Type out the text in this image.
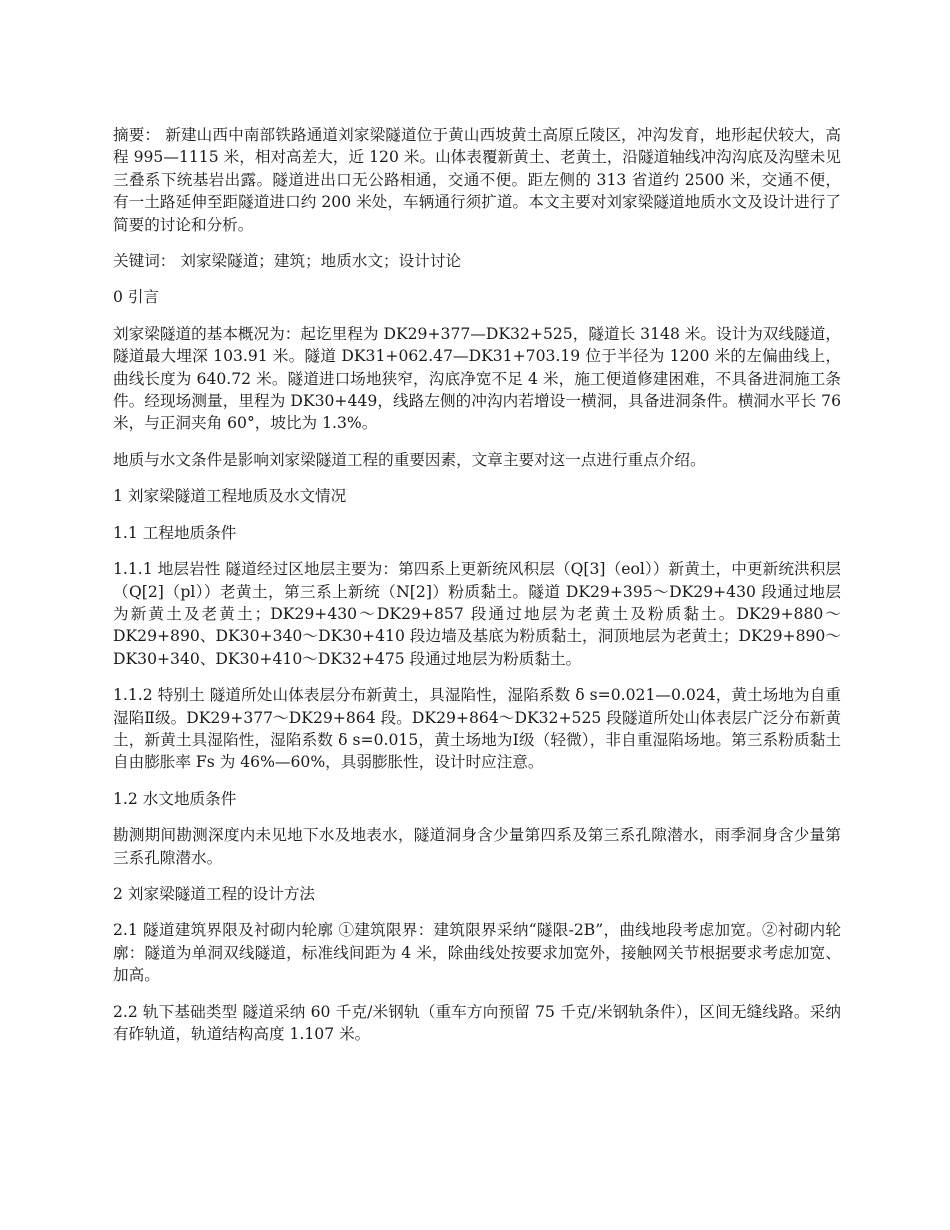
摘要： 新建山西中南部铁路通道刘家梁隧道位于黄山西坡黄土高原丘陵区，冲沟发育，地形起伏较大，高程 995—1115 米，相对高差大，近 120 米。山体表覆新黄土、老黄土，沿隧道轴线冲沟沟底及沟壁未见三叠系下统基岩出露。隧道进出口无公路相通，交通不便。距左侧的 313 省道约 2500 米，交通不便，有一土路延伸至距隧道进口约 200 米处，车辆通行须扩道。本文主要对刘家梁隧道地质水文及设计进行了简要的讨论和分析。

关键词： 刘家梁隧道；建筑；地质水文；设计讨论

0 引言

刘家梁隧道的基本概况为：起讫里程为 DK29+377—DK32+525，隧道长 3148 米。设计为双线隧道，隧道最大埋深 103.91 米。隧道 DK31+062.47—DK31+703.19 位于半径为 1200 米的左偏曲线上，曲线长度为 640.72 米。隧道进口场地狭窄，沟底净宽不足 4 米，施工便道修建困难，不具备进洞施工条件。经现场测量，里程为 DK30+449，线路左侧的冲沟内若增设一横洞，具备进洞条件。横洞水平长 76 米，与正洞夹角 60°，坡比为 1.3%。

地质与水文条件是影响刘家梁隧道工程的重要因素，文章主要对这一点进行重点介绍。

1 刘家梁隧道工程地质及水文情况

1.1 工程地质条件

1.1.1 地层岩性 隧道经过区地层主要为：第四系上更新统风积层（Q[3]（eol））新黄土，中更新统洪积层（Q[2]（pl））老黄土，第三系上新统（N[2]）粉质黏土。隧道 DK29+395～DK29+430 段通过地层为新黄土及老黄土；DK29+430～DK29+857 段通过地层为老黄土及粉质黏土。DK29+880～DK29+890、DK30+340～DK30+410 段边墙及基底为粉质黏土，洞顶地层为老黄土；DK29+890～DK30+340、DK30+410～DK32+475 段通过地层为粉质黏土。

1.1.2 特别土 隧道所处山体表层分布新黄土，具湿陷性，湿陷系数 δ s=0.021—0.024，黄土场地为自重湿陷Ⅱ级。DK29+377～DK29+864 段。DK29+864～DK32+525 段隧道所处山体表层广泛分布新黄土，新黄土具湿陷性，湿陷系数 δ s=0.015，黄土场地为Ⅰ级（轻微），非自重湿陷场地。第三系粉质黏土自由膨胀率 Fs 为 46%—60%，具弱膨胀性，设计时应注意。

1.2 水文地质条件

勘测期间勘测深度内未见地下水及地表水，隧道洞身含少量第四系及第三系孔隙潜水，雨季洞身含少量第三系孔隙潜水。

2 刘家梁隧道工程的设计方法

2.1 隧道建筑界限及衬砌内轮廓 ①建筑限界：建筑限界采纳“隧限-2B”，曲线地段考虑加宽。②衬砌内轮廓：隧道为单洞双线隧道，标准线间距为 4 米，除曲线处按要求加宽外，接触网关节根据要求考虑加宽、加高。

2.2 轨下基础类型 隧道采纳 60 千克/米钢轨（重车方向预留 75 千克/米钢轨条件），区间无缝线路。采纳有砟轨道，轨道结构高度 1.107 米。
